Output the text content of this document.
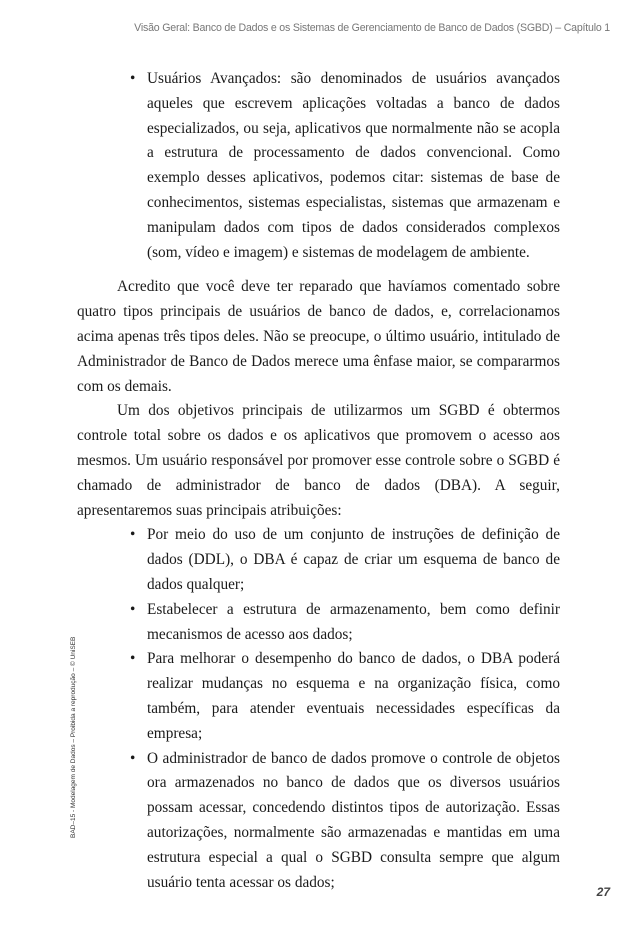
Visão Geral: Banco de Dados e os Sistemas de Gerenciamento de Banco de Dados (SGBD) – Capítulo 1
BAD–15 - Modelagem de Dados – Proibida a reprodução – © UniSEB

• Usuários Avançados: são denominados de usuários avançados aqueles que escrevem aplicações voltadas a banco de dados especializados, ou seja, aplicativos que normalmente não se acopla a estrutura de processamento de dados convencional. Como exemplo desses aplicativos, podemos citar: sistemas de base de conhecimentos, sistemas especialistas, sistemas que armazenam e manipulam dados com tipos de dados considerados complexos (som, vídeo e imagem) e sistemas de modelagem de ambiente.

Acredito que você deve ter reparado que havíamos comentado sobre quatro tipos principais de usuários de banco de dados, e, correlacionamos acima apenas três tipos deles. Não se preocupe, o último usuário, intitulado de Administrador de Banco de Dados merece uma ênfase maior, se compararmos com os demais.

Um dos objetivos principais de utilizarmos um SGBD é obtermos controle total sobre os dados e os aplicativos que promovem o acesso aos mesmos. Um usuário responsável por promover esse controle sobre o SGBD é chamado de administrador de banco de dados (DBA). A seguir, apresentaremos suas principais atribuições:

• Por meio do uso de um conjunto de instruções de definição de dados (DDL), o DBA é capaz de criar um esquema de banco de dados qualquer;

• Estabelecer a estrutura de armazenamento, bem como definir mecanismos de acesso aos dados;

• Para melhorar o desempenho do banco de dados, o DBA poderá realizar mudanças no esquema e na organização física, como também, para atender eventuais necessidades específicas da empresa;

• O administrador de banco de dados promove o controle de objetos ora armazenados no banco de dados que os diversos usuários possam acessar, concedendo distintos tipos de autorização. Essas autorizações, normalmente são armazenadas e mantidas em uma estrutura especial a qual o SGBD consulta sempre que algum usuário tenta acessar os dados;

27
